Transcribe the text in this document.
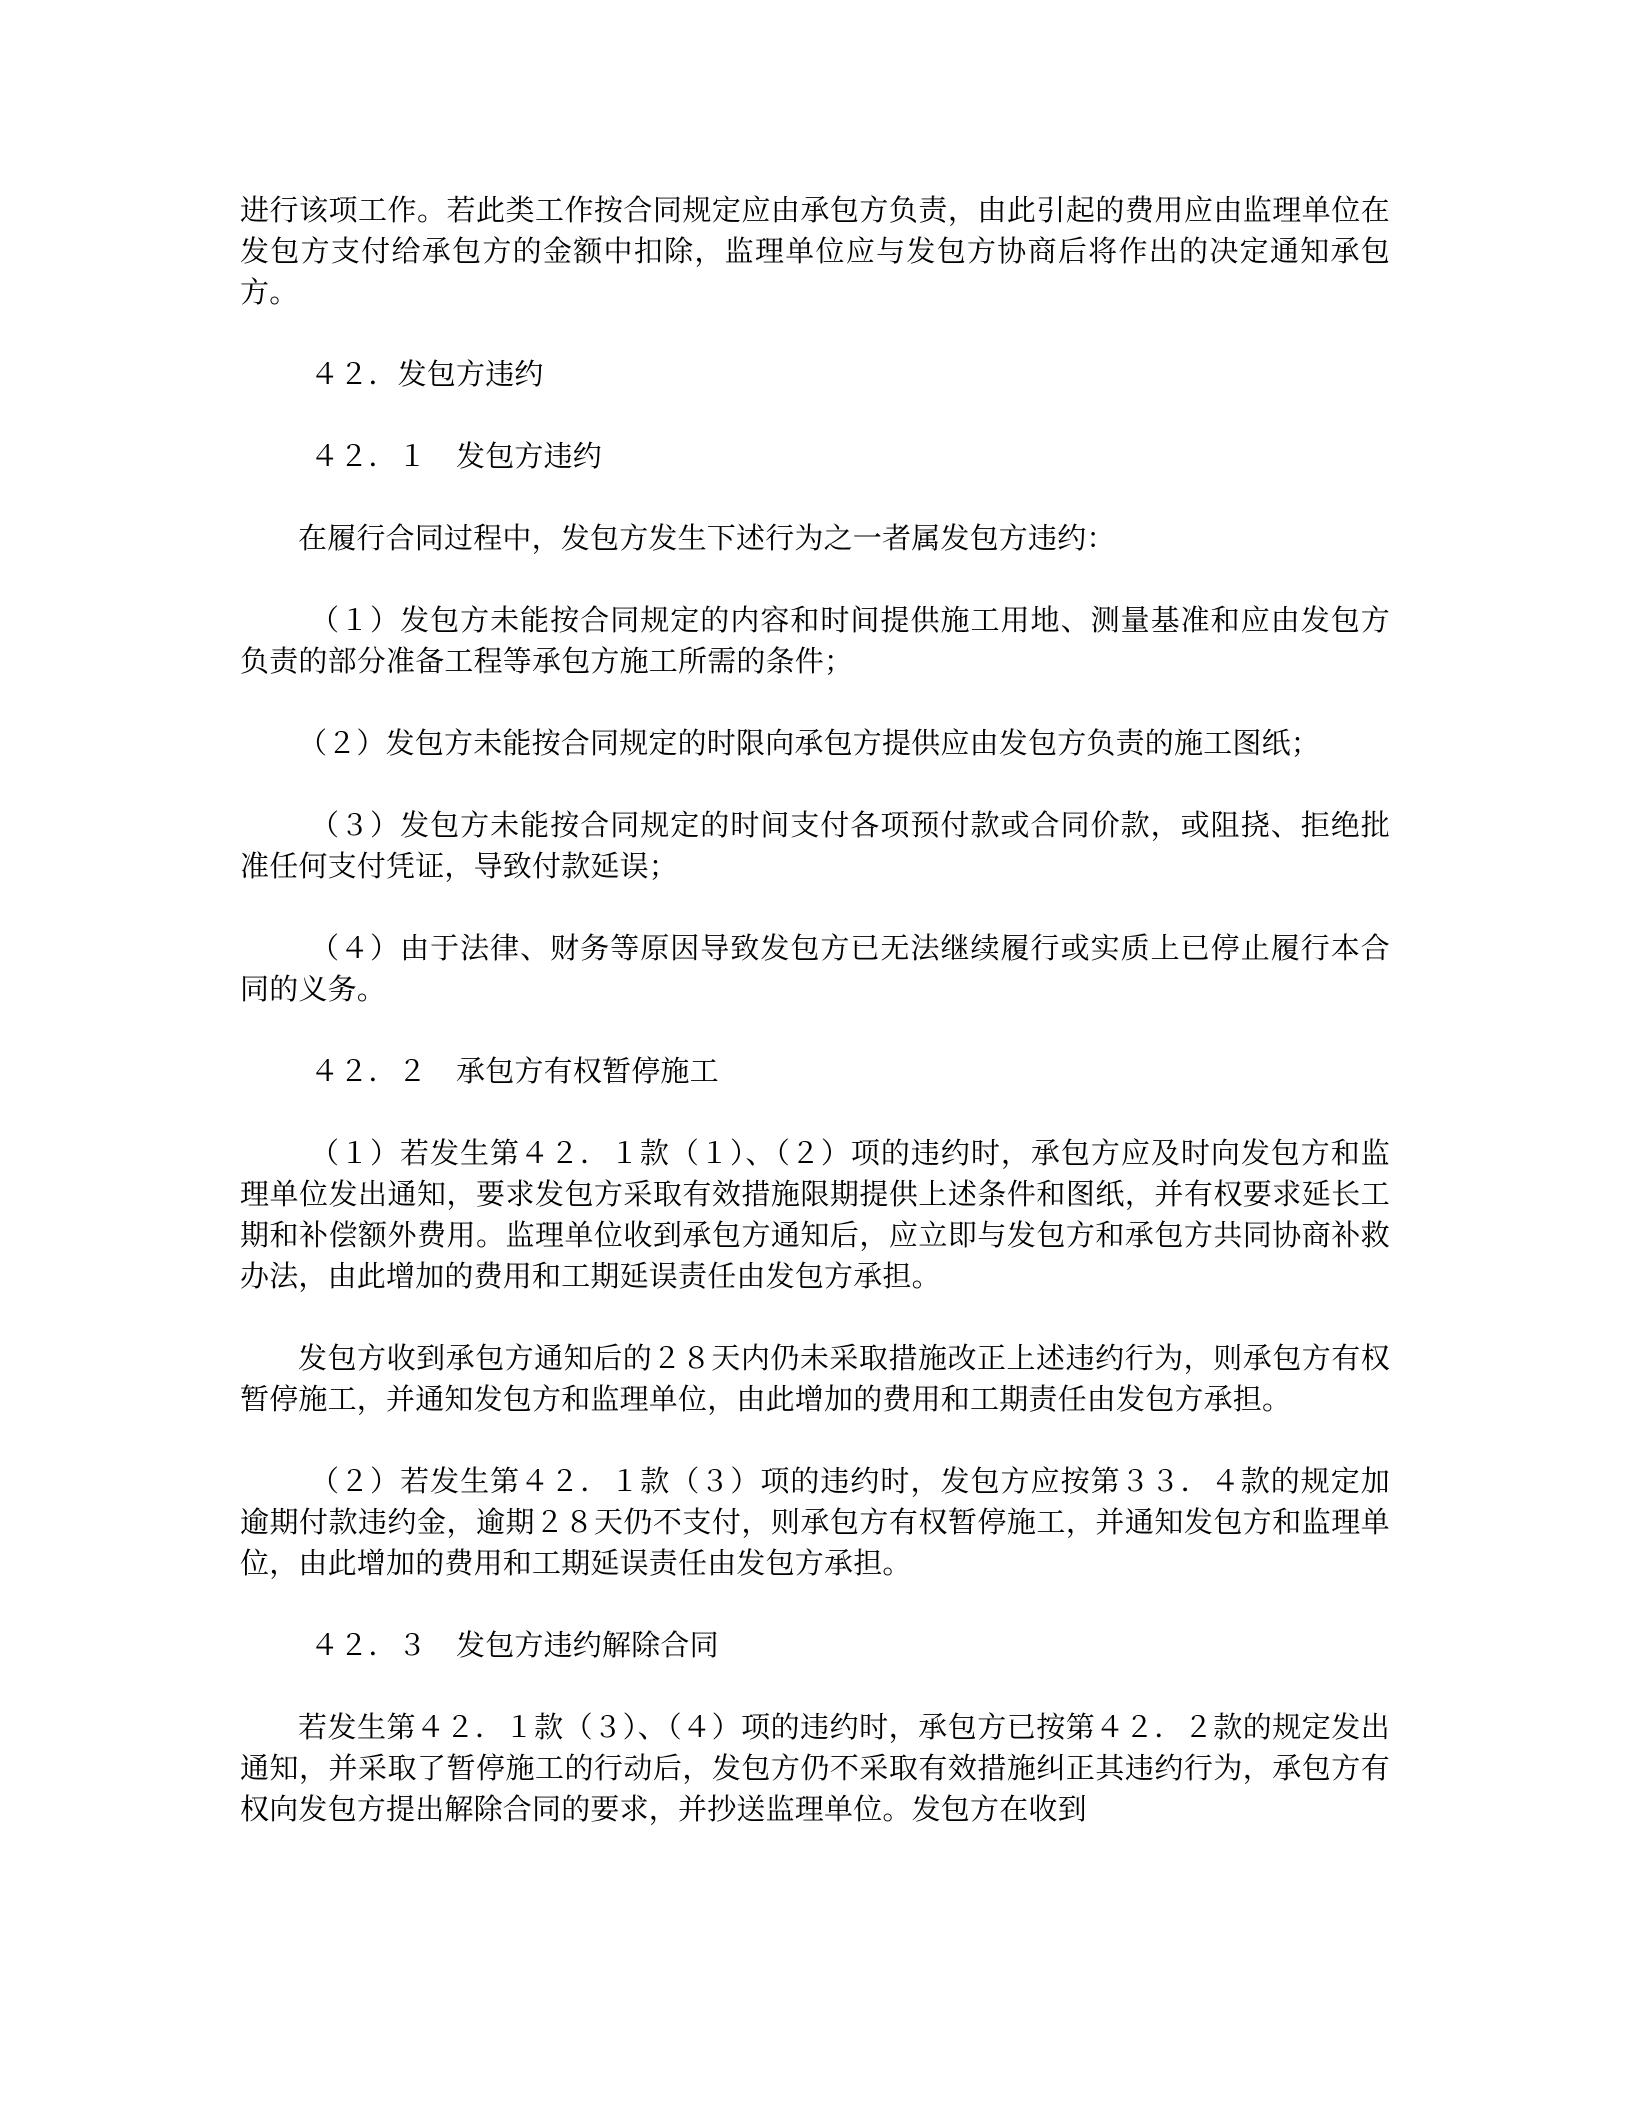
进行该项工作。若此类工作按合同规定应由承包方负责，由此引起的费用应由监理单位在发包方支付给承包方的金额中扣除，监理单位应与发包方协商后将作出的决定通知承包方。

４２．发包方违约

４２．１　发包方违约

在履行合同过程中，发包方发生下述行为之一者属发包方违约：

（１）发包方未能按合同规定的内容和时间提供施工用地、测量基准和应由发包方负责的部分准备工程等承包方施工所需的条件；

（２）发包方未能按合同规定的时限向承包方提供应由发包方负责的施工图纸；

（３）发包方未能按合同规定的时间支付各项预付款或合同价款，或阻挠、拒绝批准任何支付凭证，导致付款延误；

（４）由于法律、财务等原因导致发包方已无法继续履行或实质上已停止履行本合同的义务。

４２．２　承包方有权暂停施工

（１）若发生第４２．１款（１）、（２）项的违约时，承包方应及时向发包方和监理单位发出通知，要求发包方采取有效措施限期提供上述条件和图纸，并有权要求延长工期和补偿额外费用。监理单位收到承包方通知后，应立即与发包方和承包方共同协商补救办法，由此增加的费用和工期延误责任由发包方承担。

发包方收到承包方通知后的２８天内仍未采取措施改正上述违约行为，则承包方有权暂停施工，并通知发包方和监理单位，由此增加的费用和工期责任由发包方承担。

（２）若发生第４２．１款（３）项的违约时，发包方应按第３３．４款的规定加逾期付款违约金，逾期２８天仍不支付，则承包方有权暂停施工，并通知发包方和监理单位，由此增加的费用和工期延误责任由发包方承担。

４２．３　发包方违约解除合同

若发生第４２．１款（３）、（４）项的违约时，承包方已按第４２．２款的规定发出通知，并采取了暂停施工的行动后，发包方仍不采取有效措施纠正其违约行为，承包方有权向发包方提出解除合同的要求，并抄送监理单位。发包方在收到
